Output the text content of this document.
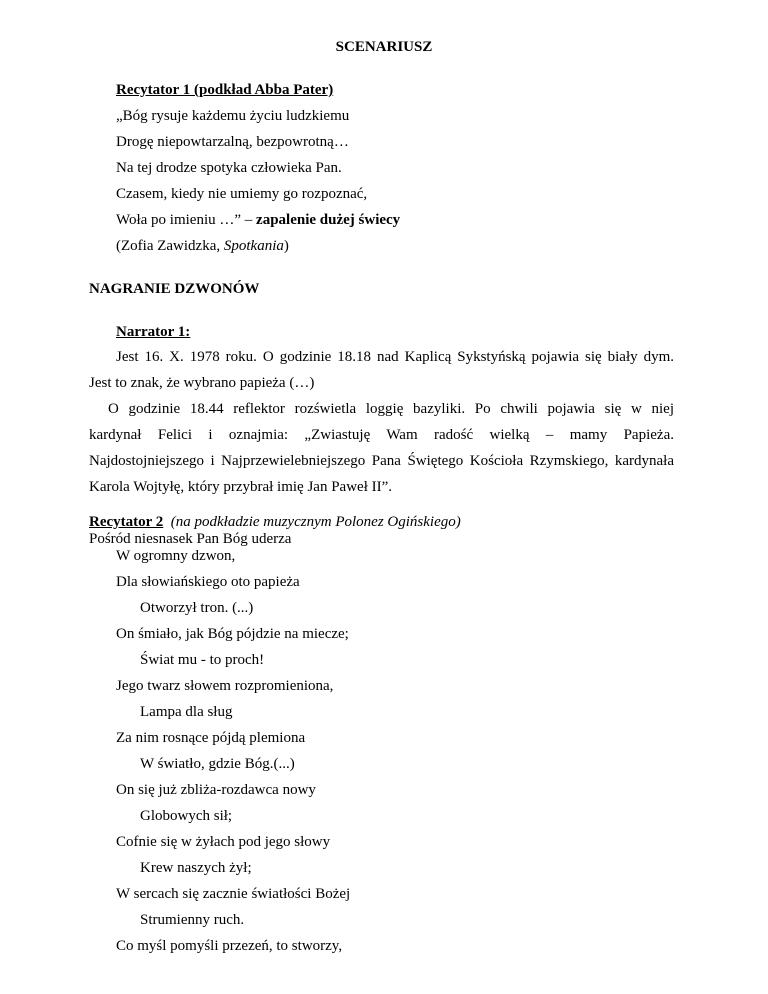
SCENARIUSZ
Recytator 1 (podkład Abba Pater)
„Bóg rysuje każdemu życiu ludzkiemu
Drogę niepowtarzalną, bezpowrotną…
Na tej drodze spotyka człowieka Pan.
Czasem, kiedy nie umiemy go rozpoznać,
Woła po imieniu …” – zapalenie dużej świecy
(Zofia Zawidzka, Spotkania)
NAGRANIE DZWONÓW
Narrator 1:
Jest 16. X. 1978 roku. O godzinie 18.18 nad Kaplicą Sykstyńską pojawia się biały dym.
Jest to znak, że wybrano papieża (…)
O godzinie 18.44 reflektor rozświetla loggię bazyliki. Po chwili pojawia się w niej
kardynał Felici i oznajmia: „Zwiastuję Wam radość wielką – mamy Papieża.
Najdostojniejszego i Najprzewielebniejszego Pana Świętego Kościoła Rzymskiego, kardynała
Karola Wojtyłę, który przybrał imię Jan Paweł II”.
Recytator 2 (na podkładzie muzycznym Polonez Ogińskiego)
Pośród niesnasek Pan Bóg uderza
W ogromny dzwon,
Dla słowiańskiego oto papieża
Otworzył tron. (...)
On śmiało, jak Bóg pójdzie na miecze;
Świat mu - to proch!
Jego twarz słowem rozpromieniona,
Lampa dla sług
Za nim rosnące pójdą plemiona
W światło, gdzie Bóg.(...)
On się już zbliża-rozdawca nowy
Globowych sił;
Cofnie się w żyłach pod jego słowy
Krew naszych żył;
W sercach się zacznie światłości Bożej
Strumienny ruch.
Co myśl pomyśli przezeń, to stworzy,
